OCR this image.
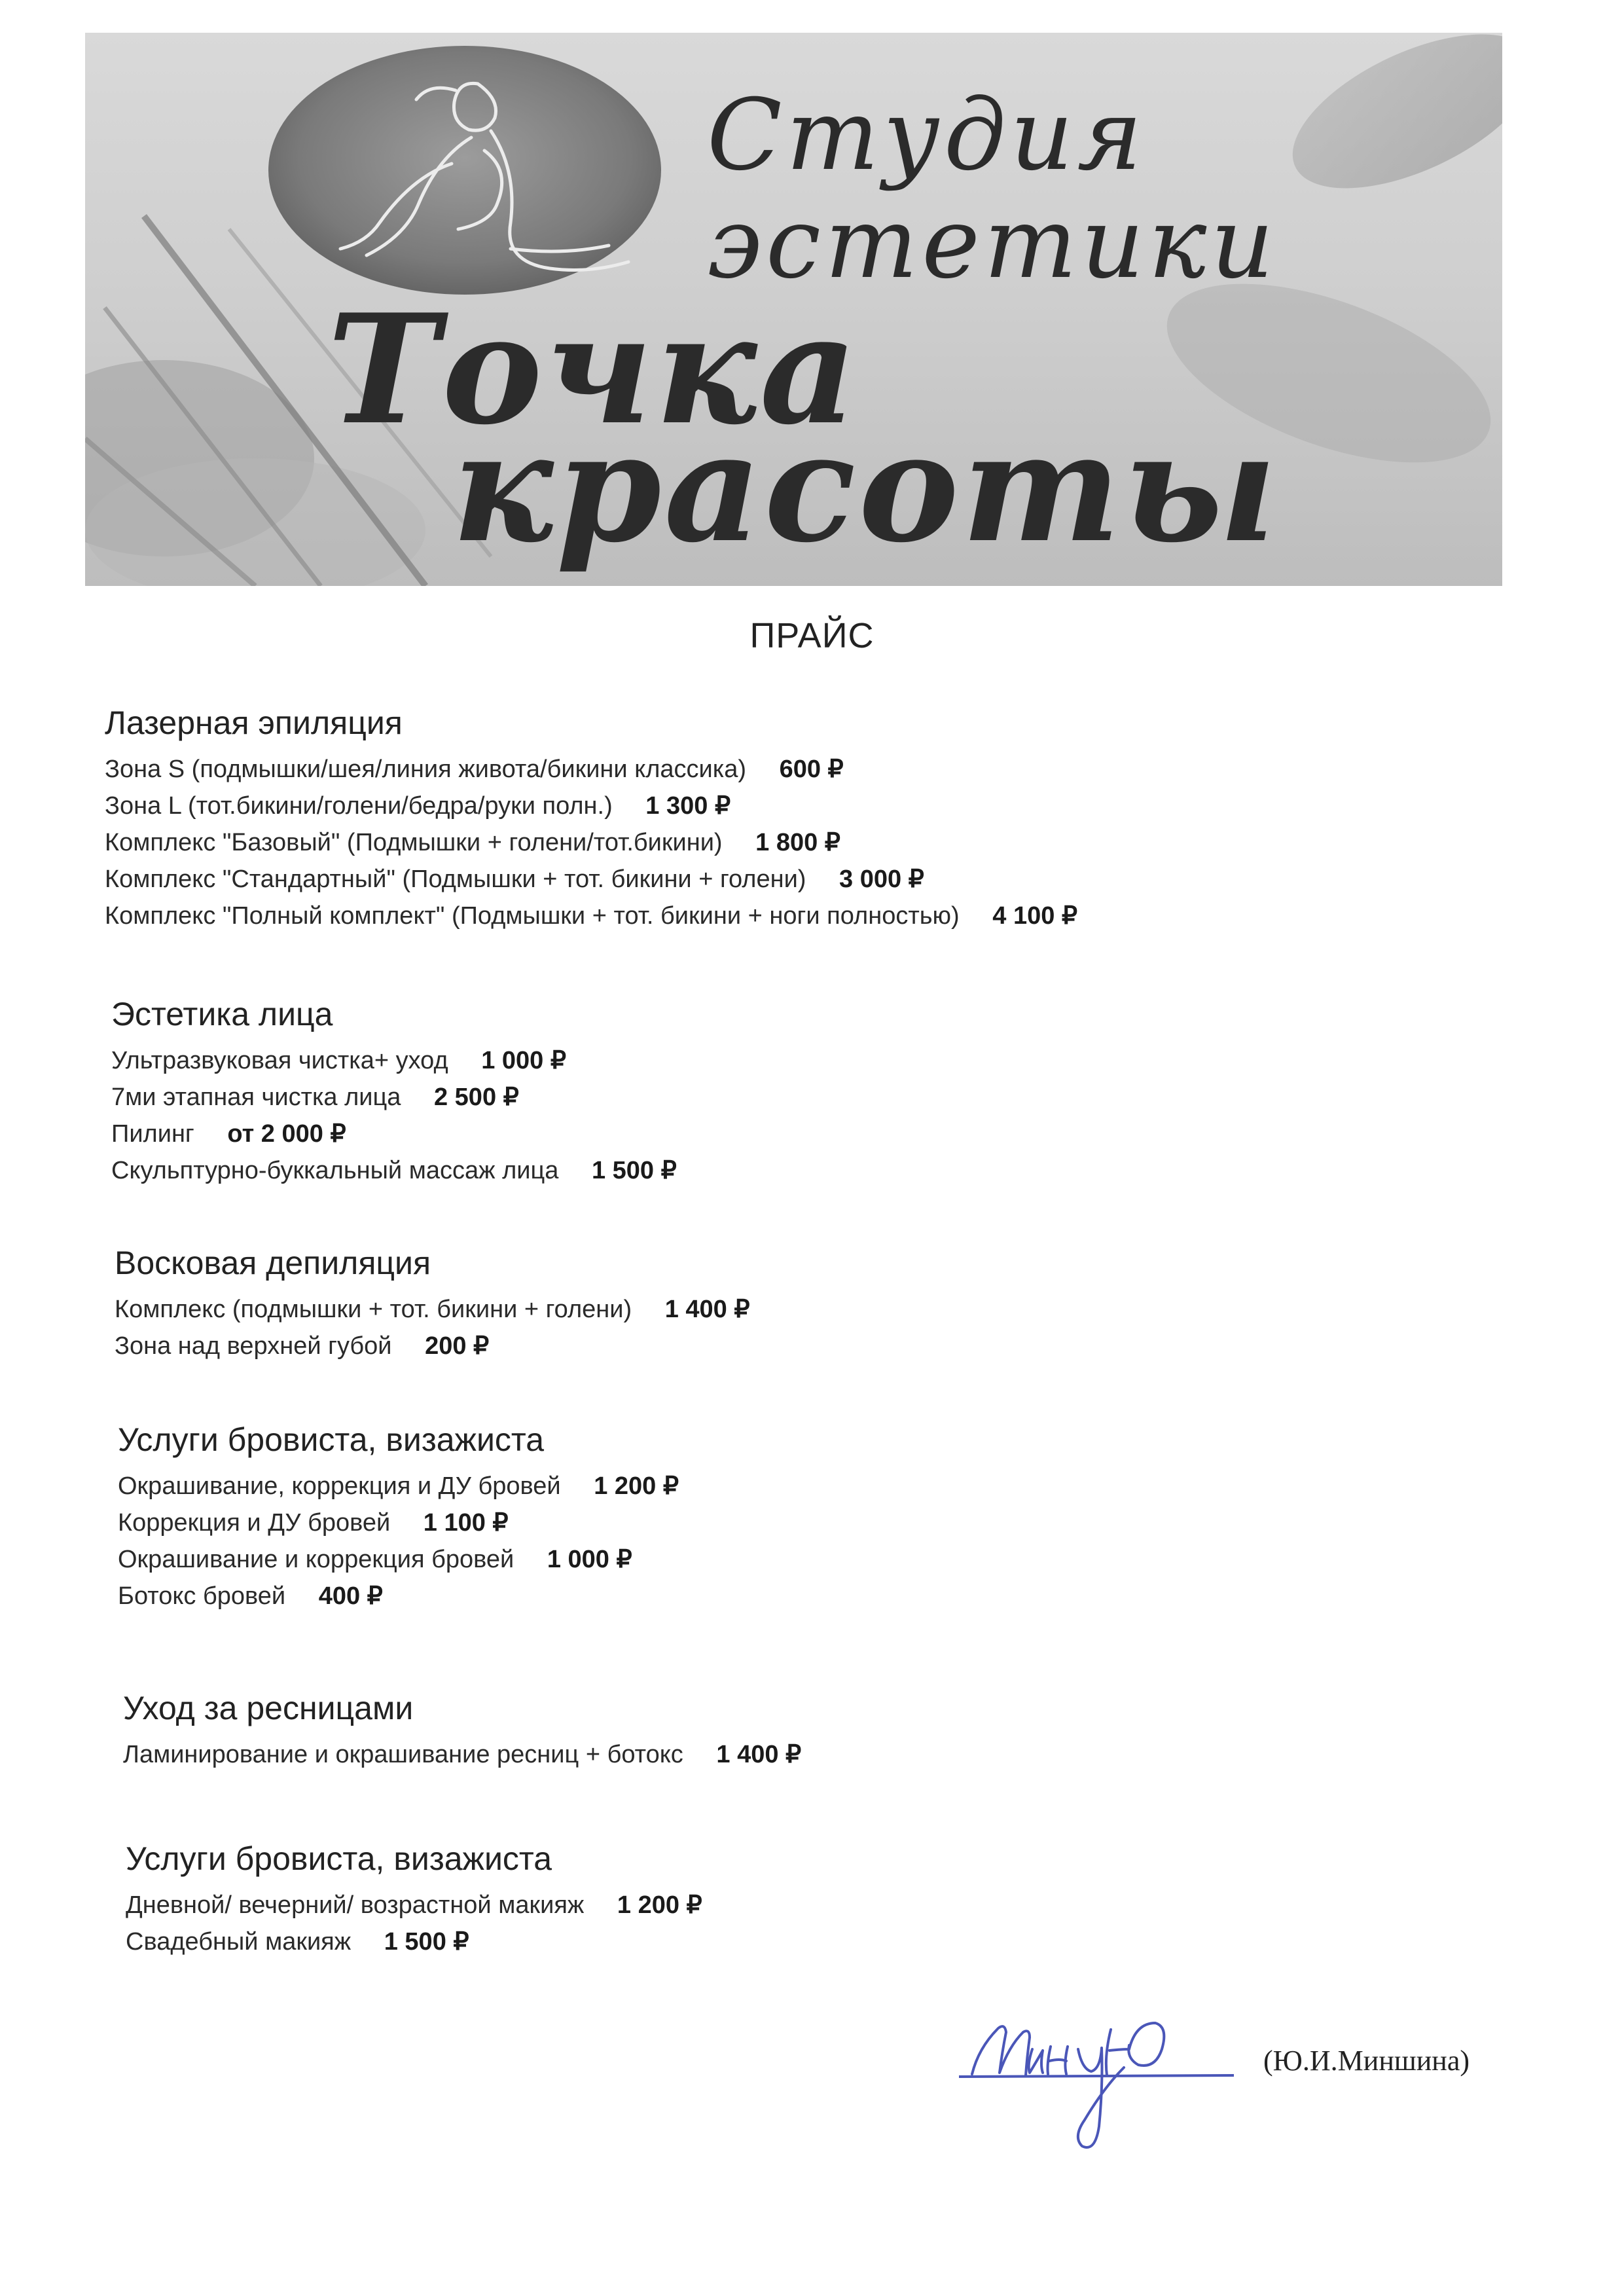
Студия

эстетики

Точка

красоты

ПРАЙС
Лазерная эпиляция
Зона S (подмышки/шея/линия живота/бикини классика) 600 ₽
Зона L (тот.бикини/голени/бедра/руки полн.) 1 300 ₽
Комплекс "Базовый" (Подмышки + голени/тот.бикини) 1 800 ₽
Комплекс "Стандартный" (Подмышки + тот. бикини + голени) 3 000 ₽
Комплекс "Полный комплект" (Подмышки + тот. бикини + ноги полностью) 4 100 ₽
Эстетика лица
Ультразвуковая чистка+ уход 1 000 ₽
7ми этапная чистка лица 2 500 ₽
Пилинг от 2 000 ₽
Скульптурно-буккальный массаж лица 1 500 ₽
Восковая депиляция
Комплекс (подмышки + тот. бикини + голени) 1 400 ₽
Зона над верхней губой 200 ₽
Услуги бровиста, визажиста
Окрашивание, коррекция и ДУ бровей 1 200 ₽
Коррекция и ДУ бровей 1 100 ₽
Окрашивание и коррекция бровей 1 000 ₽
Ботокс бровей 400 ₽
Уход за ресницами
Ламинирование и окрашивание ресниц + ботокс 1 400 ₽
Услуги бровиста, визажиста
Дневной/ вечерний/ возрастной макияж 1 200 ₽
Свадебный макияж 1 500 ₽

(Ю.И.Миншина)
